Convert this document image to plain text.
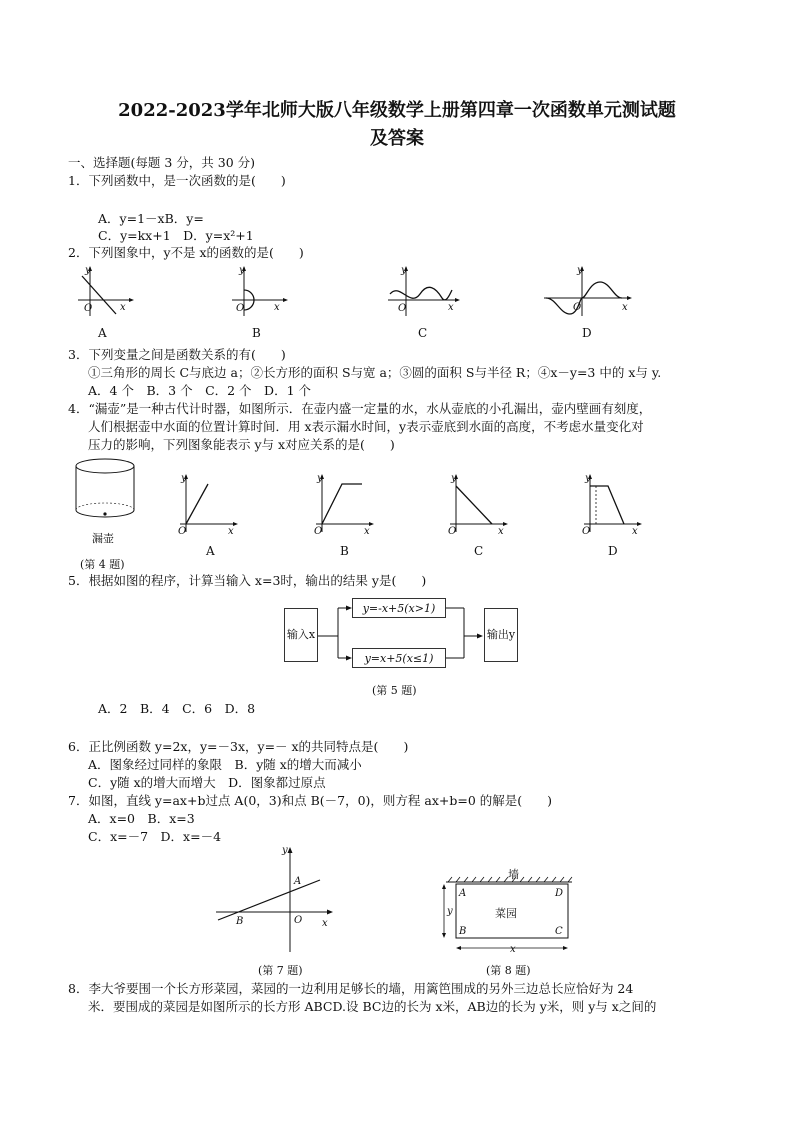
2022-2023学年北师大版八年级数学上册第四章一次函数单元测试题
及答案
一、选择题(每题 3 分，共 30 分)
1．下列函数中，是一次函数的是(　　)
A．y=1－xB．y=
C．y=kx+1　D．y=x²+1
2．下列图象中，y不是 x的函数的是(　　)
y
O	x
A
y
O	x
B
y
O	x
C
y
O	x
D
3．下列变量之间是函数关系的有(　　)
①三角形的周长 C与底边 a；②长方形的面积 S与宽 a；③圆的面积 S与半径 R；④x－y=3 中的 x与 y.
A．4 个　B．3 个　C．2 个　D．1 个
4．“漏壶”是一种古代计时器，如图所示．在壶内盛一定量的水，水从壶底的小孔漏出，壶内壁画有刻度，
人们根据壶中水面的位置计算时间．用 x表示漏水时间，y表示壶底到水面的高度，不考虑水量变化对
压力的影响，下列图象能表示 y与 x对应关系的是(　　)
漏壶
(第 4 题)
y
O	x
A
y
O	x
B
y
O	x
C
y
O	x
D
5．根据如图的程序，计算当输入 x=3时，输出的结果 y是(　　)
输入x
y=-x+5(x>1)
y=x+5(x≤1)
输出y
(第 5 题)
A．2　B．4　C．6　D．8
6．正比例函数 y=2x，y=－3x，y=－ x的共同特点是(　　)
A．图象经过同样的象限　B．y随 x的增大而减小
C．y随 x的增大而增大　D．图象都过原点
7．如图，直线 y=ax+b过点 A(0，3)和点 B(－7，0)，则方程 ax+b=0 的解是(　　)
A．x=0　B．x=3
C．x=－7　D．x=－4
y
A
B	O x
(第 7 题)
A	D
B	C
y
x
墙
菜园
(第 8 题)
8．李大爷要围一个长方形菜园，菜园的一边利用足够长的墙，用篱笆围成的另外三边总长应恰好为 24
米．要围成的菜园是如图所示的长方形 ABCD.设 BC边的长为 x米，AB边的长为 y米，则 y与 x之间的
